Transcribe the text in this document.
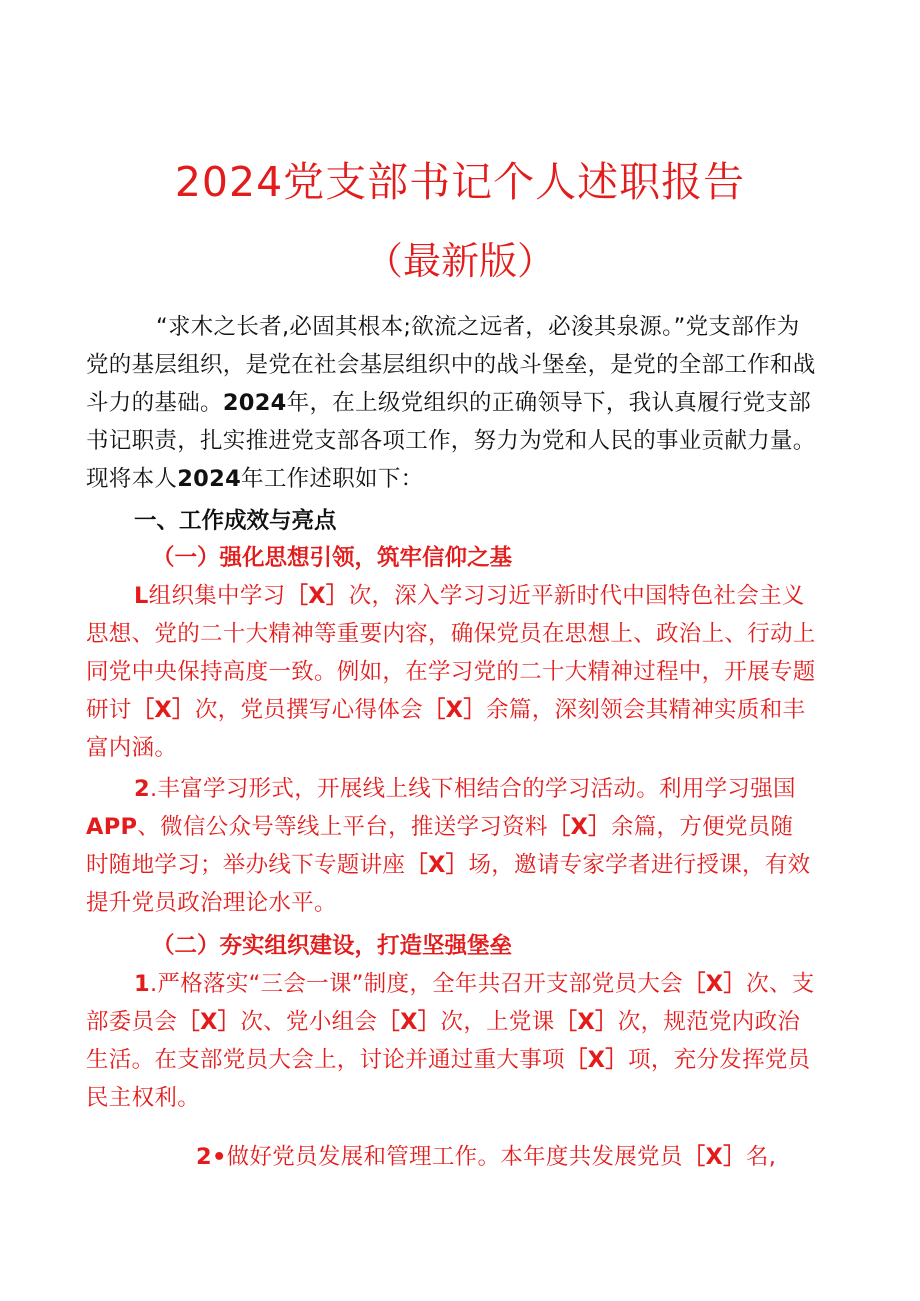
2024党支部书记个人述职报告
（最新版）

“求木之长者,必固其根本;欲流之远者，必浚其泉源。”党支部作为党的基层组织，是党在社会基层组织中的战斗堡垒，是党的全部工作和战斗力的基础。2024年，在上级党组织的正确领导下，我认真履行党支部书记职责，扎实推进党支部各项工作，努力为党和人民的事业贡献力量。现将本人2024年工作述职如下：

一、工作成效与亮点
（一）强化思想引领，筑牢信仰之基

L组织集中学习［X］次，深入学习习近平新时代中国特色社会主义思想、党的二十大精神等重要内容，确保党员在思想上、政治上、行动上同党中央保持高度一致。例如，在学习党的二十大精神过程中，开展专题研讨［X］次，党员撰写心得体会［X］余篇，深刻领会其精神实质和丰富内涵。

2.丰富学习形式，开展线上线下相结合的学习活动。利用学习强国APP、微信公众号等线上平台，推送学习资料［X］余篇，方便党员随时随地学习；举办线下专题讲座［X］场，邀请专家学者进行授课，有效提升党员政治理论水平。

（二）夯实组织建设，打造坚强堡垒

1.严格落实“三会一课”制度，全年共召开支部党员大会［X］次、支部委员会［X］次、党小组会［X］次，上党课［X］次，规范党内政治生活。在支部党员大会上，讨论并通过重大事项［X］项，充分发挥党员民主权利。

2•做好党员发展和管理工作。本年度共发展党员［X］名,
